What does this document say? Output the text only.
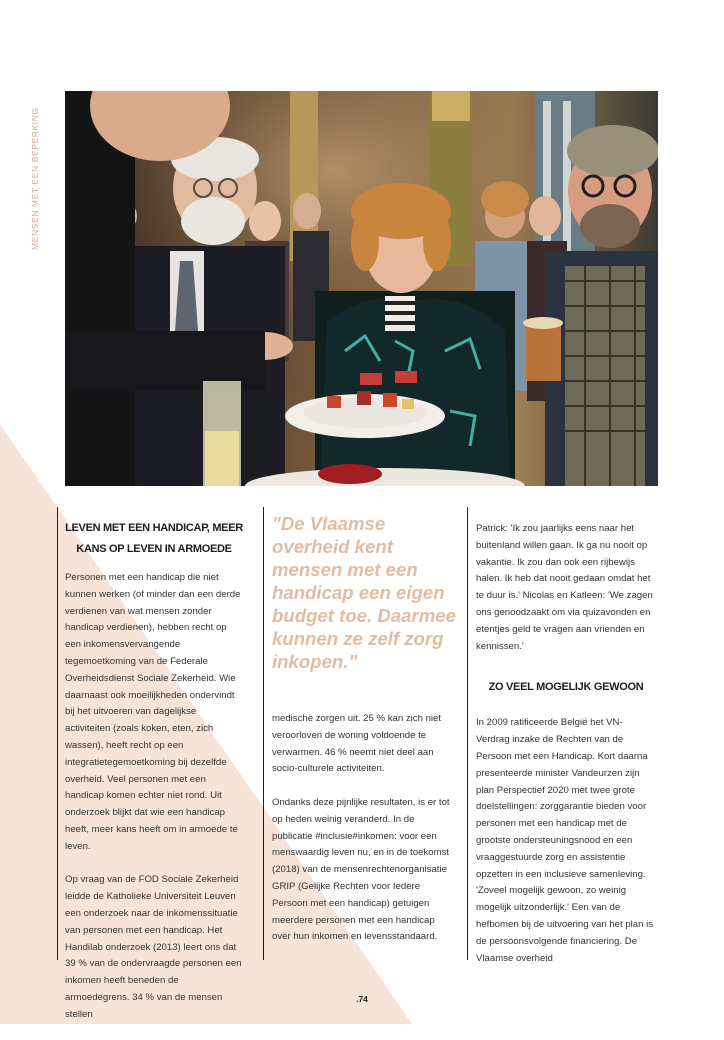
MENSEN MET EEN BEPERKING
LEVEN MET EEN HANDICAP, MEER KANS OP LEVEN IN ARMOEDE

Personen met een handicap die niet kunnen werken (of minder dan een derde verdienen van wat mensen zonder handicap verdienen), hebben recht op een inkomensvervangende tegemoetkoming van de Federale Overheidsdienst Sociale Zekerheid. Wie daarnaast ook moeilijkheden ondervindt bij het uitvoeren van dagelijkse activiteiten (zoals koken, eten, zich wassen), heeft recht op een integratietegemoetkoming bij dezelfde overheid. Veel personen met een handicap komen echter niet rond. Uit onderzoek blijkt dat wie een handicap heeft, meer kans heeft om in armoede te leven.

Op vraag van de FOD Sociale Zekerheid leidde de Katholieke Universiteit Leuven een onderzoek naar de inkomenssituatie van personen met een handicap. Het Handilab onderzoek (2013) leert ons dat 39 % van de ondervraagde personen een inkomen heeft beneden de armoedegrens. 34 % van de mensen stellen

"De Vlaamse overheid kent mensen met een handicap een eigen budget toe. Daarmee kunnen ze zelf zorg inkopen."

medische zorgen uit. 25 % kan zich niet veroorloven de woning voldoende te verwarmen. 46 % neemt niet deel aan socio-culturele activiteiten.

Ondanks deze pijnlijke resultaten, is er tot op heden weinig veranderd. In de publicatie #inclusie#inkomen: voor een menswaardig leven nu, en in de toekomst (2018) van de mensenrechtenorganisatie GRIP (Gelijke Rechten voor Iedere Persoon met een handicap) getuigen meerdere personen met een handicap over hun inkomen en levensstandaard.

Patrick: 'Ik zou jaarlijks eens naar het buitenland willen gaan. Ik ga nu nooit op vakantie. Ik zou dan ook een rijbewijs halen. Ik heb dat nooit gedaan omdat het te duur is.' Nicolas en Katleen: 'We zagen ons genoodzaakt om via quizavonden en etentjes geld te vragen aan vrienden en kennissen.'

ZO VEEL MOGELIJK GEWOON

In 2009 ratificeerde België het VN-Verdrag inzake de Rechten van de Persoon met een Handicap. Kort daarna presenteerde minister Vandeurzen zijn plan Perspectief 2020 met twee grote doelstellingen: zorggarantie bieden voor personen met een handicap met de grootste ondersteuningsnood en een vraaggestuurde zorg en assistentie opzetten in een inclusieve samenleving. 'Zoveel mogelijk gewoon, zo weinig mogelijk uitzonderlijk.' Een van de hefbomen bij de uitvoering van het plan is de persoonsvolgende financiering. De Vlaamse overheid

.74
